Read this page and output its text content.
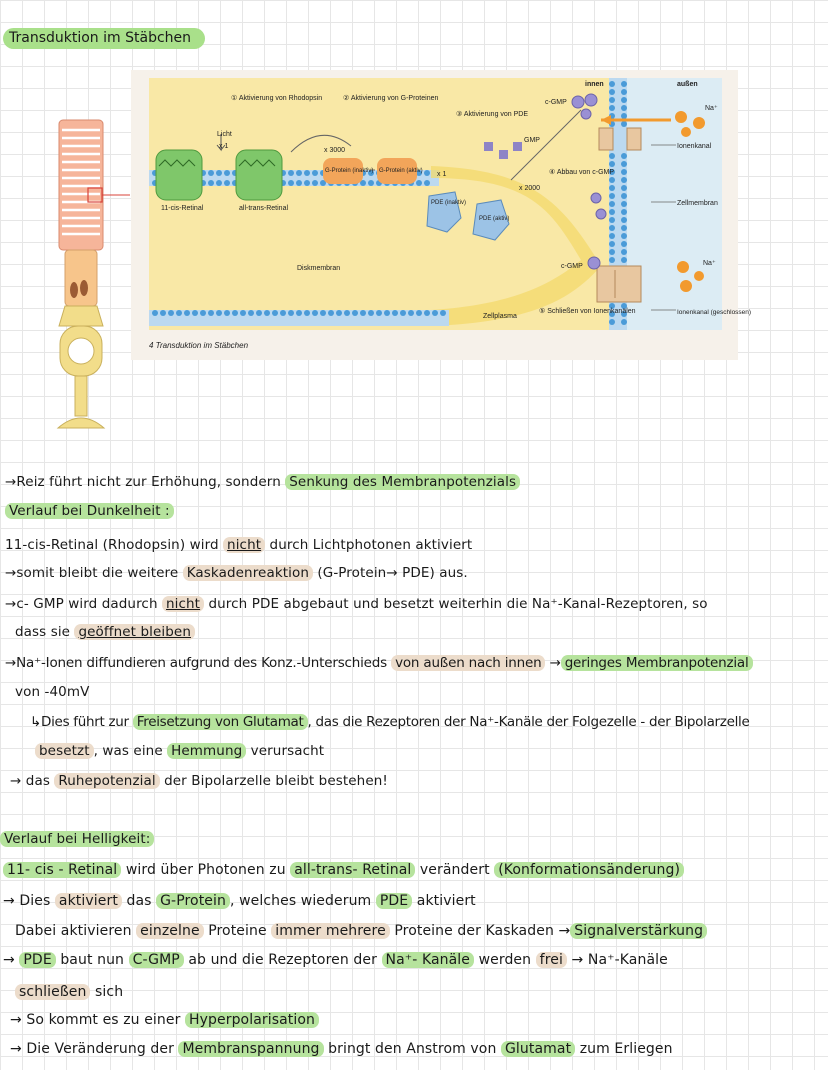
Transduktion im Stäbchen
① Aktivierung von Rhodopsin	② Aktivierung von G-Proteinen
③ Aktivierung von PDE
④ Abbau von c-GMP
⑤ Schließen von Ionenkanälen
Licht
x 1
x 3000
x 1
x 2000
11-cis-Retinal	all-trans-Retinal
G-Protein (inaktiv) G-Protein (aktiv)
PDE (inaktiv)
PDE (aktiv)
GMP
c-GMP
c-GMP
innen	außen
Na⁺
Na⁺
Ionenkanal
Zellmembran
Ionenkanal (geschlossen)
Diskmembran
Zellplasma
4 Transduktion im Stäbchen
→Reiz führt nicht zur Erhöhung, sondern Senkung des Membranpotenzials
Verlauf bei Dunkelheit :
11-cis-Retinal (Rhodopsin) wird nicht durch Lichtphotonen aktiviert
→somit bleibt die weitere Kaskadenreaktion (G-Protein→ PDE) aus.
→c- GMP wird dadurch nicht durch PDE abgebaut und besetzt weiterhin die Na⁺-Kanal-Rezeptoren, so
dass sie geöffnet bleiben
→Na⁺-Ionen diffundieren aufgrund des Konz.-Unterschieds von außen nach innen → geringes Membranpotenzial
von -40mV
↳Dies führt zur Freisetzung von Glutamat , das die Rezeptoren der Na⁺-Kanäle der Folgezelle - der Bipolarzelle
besetzt , was eine Hemmung verursacht
→ das Ruhepotenzial der Bipolarzelle bleibt bestehen!
Verlauf bei Helligkeit:
11- cis - Retinal wird über Photonen zu all-trans- Retinal verändert (Konformationsänderung)
→ Dies aktiviert das G-Protein , welches wiederum PDE aktiviert
Dabei aktivieren einzelne Proteine immer mehrere Proteine der Kaskaden → Signalverstärkung
→ PDE baut nun C-GMP ab und die Rezeptoren der Na⁺- Kanäle werden frei → Na⁺-Kanäle
schließen sich
→ So kommt es zu einer Hyperpolarisation
→ Die Veränderung der Membranspannung bringt den Anstrom von Glutamat zum Erliegen
